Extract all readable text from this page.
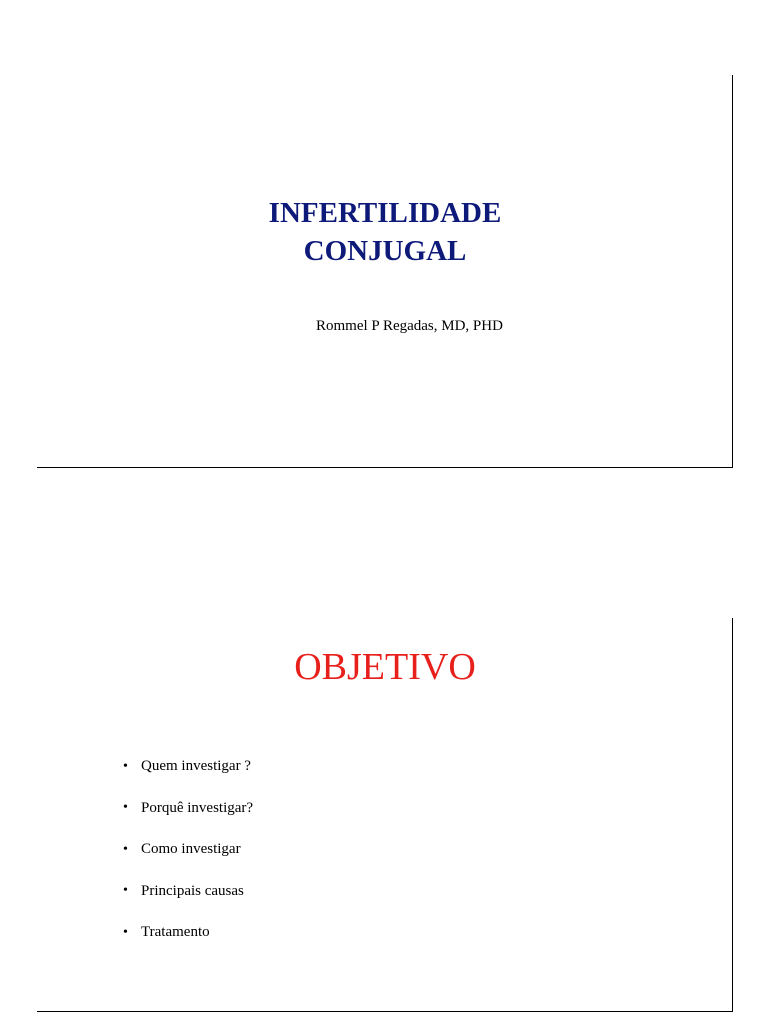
INFERTILIDADE
CONJUGAL
Rommel P Regadas, MD, PHD
OBJETIVO
• Quem investigar ?
• Porquê investigar?
• Como investigar
• Principais causas
• Tratamento
